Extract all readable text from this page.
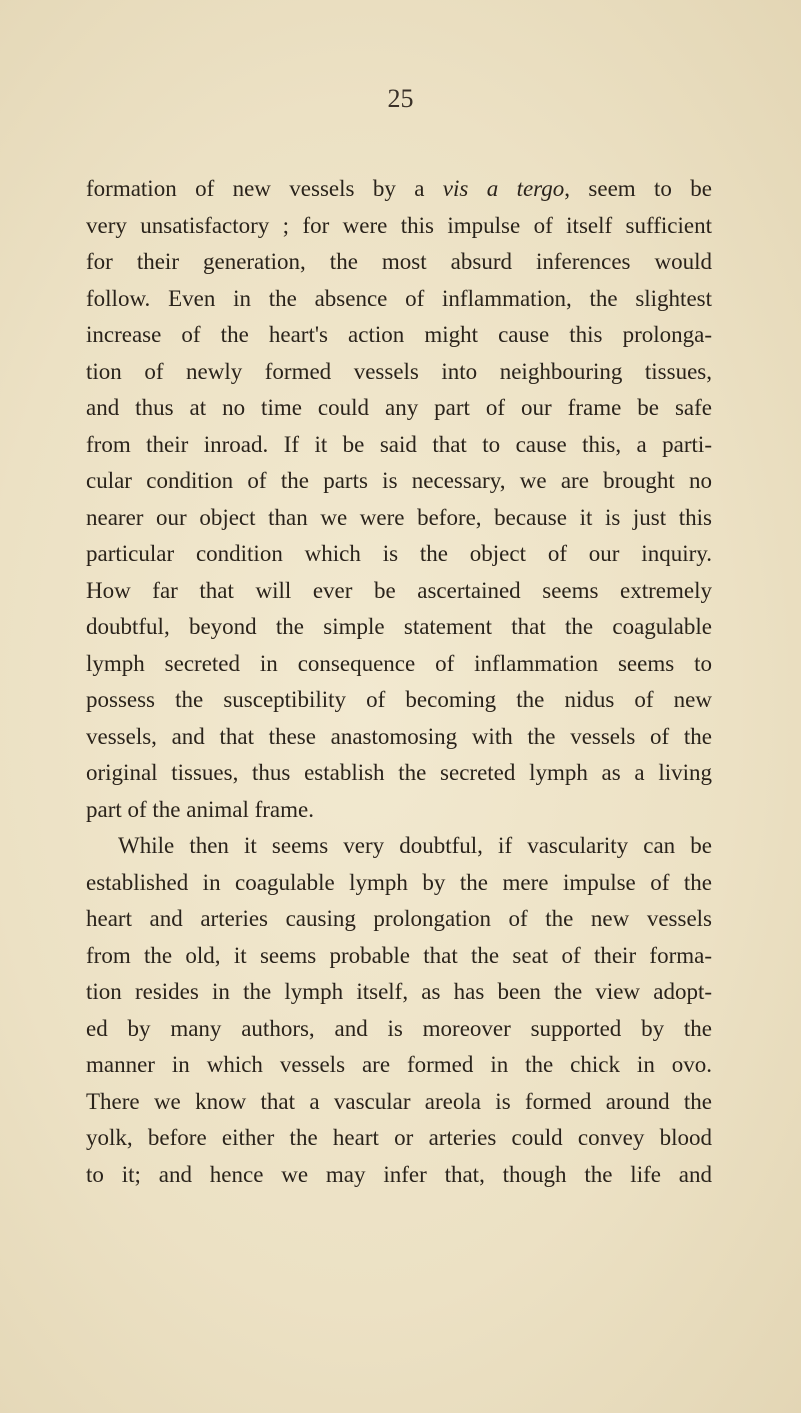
25
formation of new vessels by a vis a tergo, seem to be
very unsatisfactory ; for were this impulse of itself sufficient
for their generation, the most absurd inferences would
follow. Even in the absence of inflammation, the slightest
increase of the heart's action might cause this prolonga-
tion of newly formed vessels into neighbouring tissues,
and thus at no time could any part of our frame be safe
from their inroad. If it be said that to cause this, a parti-
cular condition of the parts is necessary, we are brought no
nearer our object than we were before, because it is just this
particular condition which is the object of our inquiry.
How far that will ever be ascertained seems extremely
doubtful, beyond the simple statement that the coagulable
lymph secreted in consequence of inflammation seems to
possess the susceptibility of becoming the nidus of new
vessels, and that these anastomosing with the vessels of the
original tissues, thus establish the secreted lymph as a living
part of the animal frame.
While then it seems very doubtful, if vascularity can be
established in coagulable lymph by the mere impulse of the
heart and arteries causing prolongation of the new vessels
from the old, it seems probable that the seat of their forma-
tion resides in the lymph itself, as has been the view adopt-
ed by many authors, and is moreover supported by the
manner in which vessels are formed in the chick in ovo.
There we know that a vascular areola is formed around the
yolk, before either the heart or arteries could convey blood
to it; and hence we may infer that, though the life and
